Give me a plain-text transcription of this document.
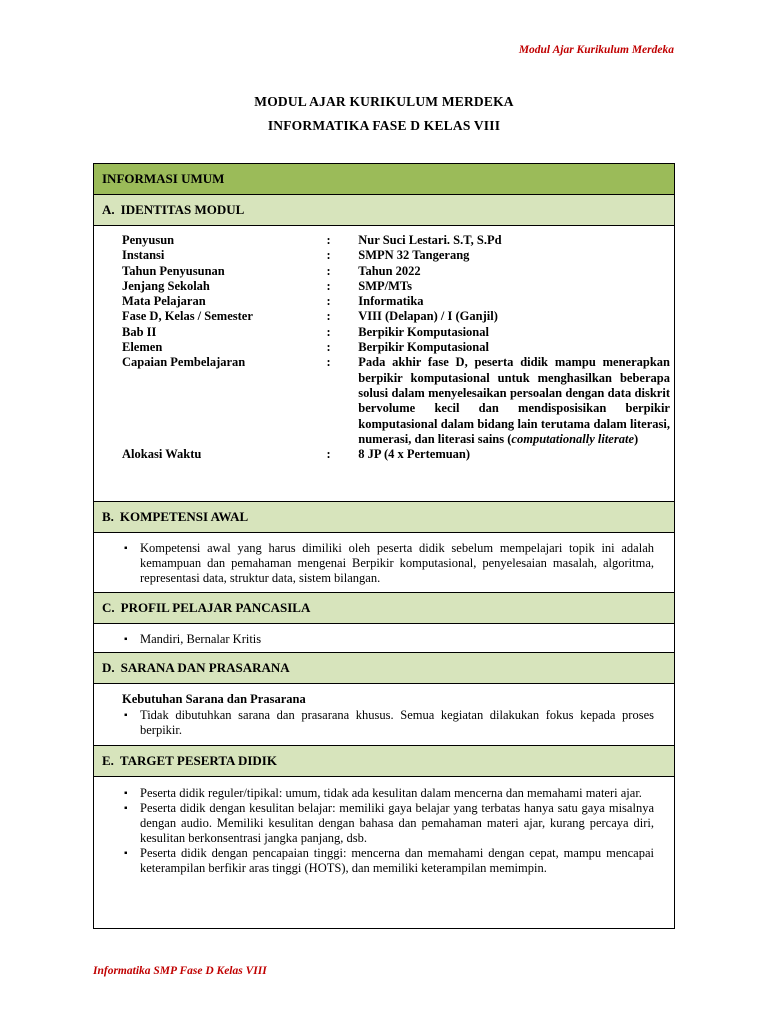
Modul Ajar Kurikulum Merdeka
MODUL AJAR KURIKULUM MERDEKA
INFORMATIKA FASE D KELAS VIII
INFORMASI UMUM
A. IDENTITAS MODUL
Penyusun	:	Nur Suci Lestari. S.T, S.Pd
Instansi	:	SMPN 32 Tangerang
Tahun Penyusunan	:	Tahun 2022
Jenjang Sekolah	:	SMP/MTs
Mata Pelajaran	:	Informatika
Fase D, Kelas / Semester	:	VIII (Delapan) / I (Ganjil)
Bab II	:	Berpikir Komputasional
Elemen	:	Berpikir Komputasional
Capaian Pembelajaran	:	Pada akhir fase D, peserta didik mampu menerapkan berpikir komputasional untuk menghasilkan beberapa solusi dalam menyelesaikan persoalan dengan data diskrit bervolume kecil dan mendisposisikan berpikir komputasional dalam bidang lain terutama dalam literasi, numerasi, dan literasi sains (computationally literate)
Alokasi Waktu	:	8 JP (4 x Pertemuan)
B. KOMPETENSI AWAL
▪ Kompetensi awal yang harus dimiliki oleh peserta didik sebelum mempelajari topik ini adalah kemampuan dan pemahaman mengenai Berpikir komputasional, penyelesaian masalah, algoritma, representasi data, struktur data, sistem bilangan.
C. PROFIL PELAJAR PANCASILA
▪ Mandiri, Bernalar Kritis
D. SARANA DAN PRASARANA
Kebutuhan Sarana dan Prasarana
▪ Tidak dibutuhkan sarana dan prasarana khusus. Semua kegiatan dilakukan fokus kepada proses berpikir.
E. TARGET PESERTA DIDIK
▪ Peserta didik reguler/tipikal: umum, tidak ada kesulitan dalam mencerna dan memahami materi ajar.
▪ Peserta didik dengan kesulitan belajar: memiliki gaya belajar yang terbatas hanya satu gaya misalnya dengan audio. Memiliki kesulitan dengan bahasa dan pemahaman materi ajar, kurang percaya diri, kesulitan berkonsentrasi jangka panjang, dsb.
▪ Peserta didik dengan pencapaian tinggi: mencerna dan memahami dengan cepat, mampu mencapai keterampilan berfikir aras tinggi (HOTS), dan memiliki keterampilan memimpin.
Informatika SMP Fase D Kelas VIII
